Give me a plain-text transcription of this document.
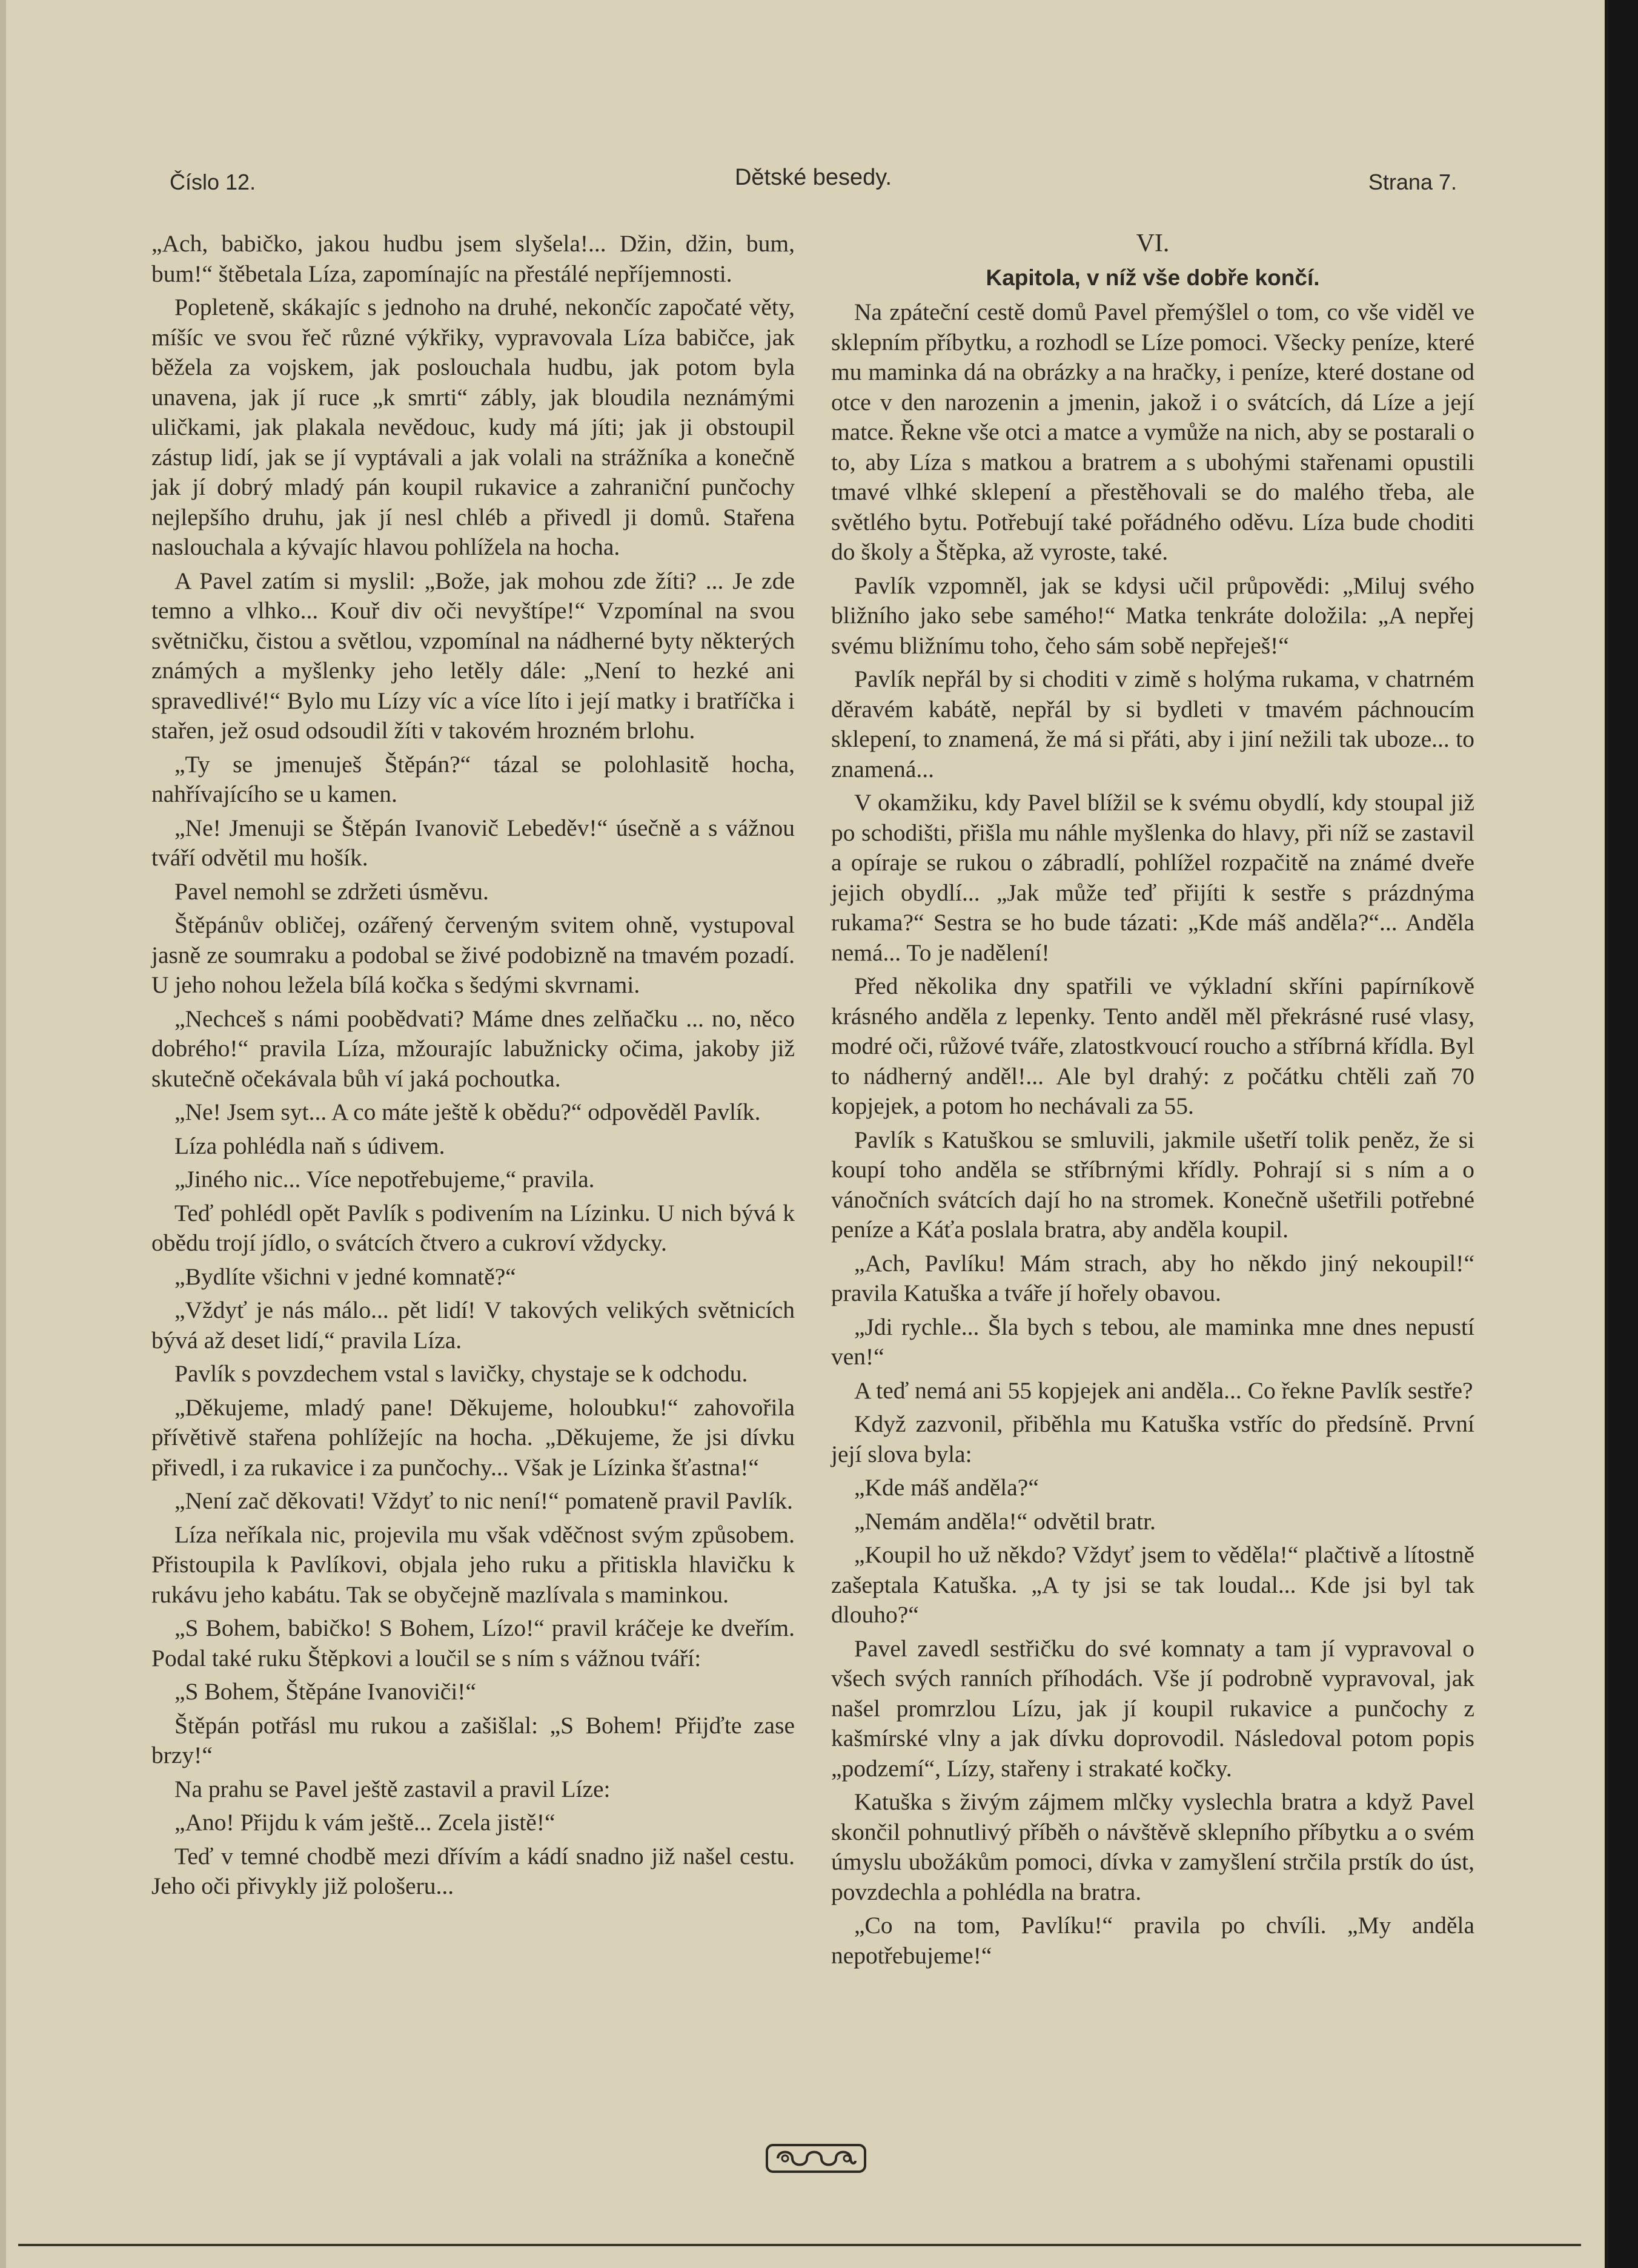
Číslo 12.	Dětské besedy.	Strana 7.

„Ach, babičko, jakou hudbu jsem slyšela!... Džin, džin, bum, bum!“ štěbetala Líza, zapomínajíc na přestálé nepříjemnosti.

Popleteně, skákajíc s jednoho na druhé, nekončíc započaté věty, míšíc ve svou řeč různé výkřiky, vypravovala Líza babičce, jak běžela za vojskem, jak poslouchala hudbu, jak potom byla unavena, jak jí ruce „k smrti“ zábly, jak bloudila neznámými uličkami, jak plakala nevědouc, kudy má jíti; jak ji obstoupil zástup lidí, jak se jí vyptávali a jak volali na strážníka a konečně jak jí dobrý mladý pán koupil rukavice a zahraniční punčochy nejlepšího druhu, jak jí nesl chléb a přivedl ji domů. Stařena naslouchala a kývajíc hlavou pohlížela na hocha.

A Pavel zatím si myslil: „Bože, jak mohou zde žíti? ... Je zde temno a vlhko... Kouř div oči nevyštípe!“ Vzpomínal na svou světničku, čistou a světlou, vzpomínal na nádherné byty některých známých a myšlenky jeho letěly dále: „Není to hezké ani spravedlivé!“ Bylo mu Lízy víc a více líto i její matky i bratříčka i stařen, jež osud odsoudil žíti v takovém hrozném brlohu.

„Ty se jmenuješ Štěpán?“ tázal se polohlasitě hocha, nahřívajícího se u kamen.

„Ne! Jmenuji se Štěpán Ivanovič Lebeděv!“ úsečně a s vážnou tváří odvětil mu hošík.

Pavel nemohl se zdržeti úsměvu.

Štěpánův obličej, ozářený červeným svitem ohně, vystupoval jasně ze soumraku a podobal se živé podobizně na tmavém pozadí. U jeho nohou ležela bílá kočka s šedými skvrnami.

„Nechceš s námi poobědvati? Máme dnes zelňačku ... no, něco dobrého!“ pravila Líza, mžourajíc labužnicky očima, jakoby již skutečně očekávala bůh ví jaká pochoutka.

„Ne! Jsem syt... A co máte ještě k obědu?“ odpověděl Pavlík.

Líza pohlédla naň s údivem.

„Jiného nic... Více nepotřebujeme,“ pravila.

Teď pohlédl opět Pavlík s podivením na Lízinku. U nich bývá k obědu trojí jídlo, o svátcích čtvero a cukroví vždycky.

„Bydlíte všichni v jedné komnatě?“

„Vždyť je nás málo... pět lidí! V takových velikých světnicích bývá až deset lidí,“ pravila Líza.

Pavlík s povzdechem vstal s lavičky, chystaje se k odchodu.

„Děkujeme, mladý pane! Děkujeme, holoubku!“ zahovořila přívětivě stařena pohlížejíc na hocha. „Děkujeme, že jsi dívku přivedl, i za rukavice i za punčochy... Však je Lízinka šťastna!“

„Není zač děkovati! Vždyť to nic není!“ pomateně pravil Pavlík.

Líza neříkala nic, projevila mu však vděčnost svým způsobem. Přistoupila k Pavlíkovi, objala jeho ruku a přitiskla hlavičku k rukávu jeho kabátu. Tak se obyčejně mazlívala s maminkou.

„S Bohem, babičko! S Bohem, Lízo!“ pravil kráčeje ke dveřím. Podal také ruku Štěpkovi a loučil se s ním s vážnou tváří:

„S Bohem, Štěpáne Ivanoviči!“

Štěpán potřásl mu rukou a zašišlal: „S Bohem! Přijďte zase brzy!“

Na prahu se Pavel ještě zastavil a pravil Líze:

„Ano! Přijdu k vám ještě... Zcela jistě!“

Teď v temné chodbě mezi dřívím a kádí snadno již našel cestu. Jeho oči přivykly již pološeru...

VI.
Kapitola, v níž vše dobře končí.

Na zpáteční cestě domů Pavel přemýšlel o tom, co vše viděl ve sklepním příbytku, a rozhodl se Líze pomoci. Všecky peníze, které mu maminka dá na obrázky a na hračky, i peníze, které dostane od otce v den narozenin a jmenin, jakož i o svátcích, dá Líze a její matce. Řekne vše otci a matce a vymůže na nich, aby se postarali o to, aby Líza s matkou a bratrem a s ubohými stařenami opustili tmavé vlhké sklepení a přestěhovali se do malého třeba, ale světlého bytu. Potřebují také pořádného oděvu. Líza bude choditi do školy a Štěpka, až vyroste, také.

Pavlík vzpomněl, jak se kdysi učil průpovědi: „Miluj svého bližního jako sebe samého!“ Matka tenkráte doložila: „A nepřej svému bližnímu toho, čeho sám sobě nepřeješ!“

Pavlík nepřál by si choditi v zimě s holýma rukama, v chatrném děravém kabátě, nepřál by si bydleti v tmavém páchnoucím sklepení, to znamená, že má si přáti, aby i jiní nežili tak uboze... to znamená...

V okamžiku, kdy Pavel blížil se k svému obydlí, kdy stoupal již po schodišti, přišla mu náhle myšlenka do hlavy, při níž se zastavil a opíraje se rukou o zábradlí, pohlížel rozpačitě na známé dveře jejich obydlí... „Jak může teď přijíti k sestře s prázdnýma rukama?“ Sestra se ho bude tázati: „Kde máš anděla?“... Anděla nemá... To je nadělení!

Před několika dny spatřili ve výkladní skříni papírníkově krásného anděla z lepenky. Tento anděl měl překrásné rusé vlasy, modré oči, růžové tváře, zlatostkvoucí roucho a stříbrná křídla. Byl to nádherný anděl!... Ale byl drahý: z počátku chtěli zaň 70 kopjejek, a potom ho nechávali za 55.

Pavlík s Katuškou se smluvili, jakmile ušetří tolik peněz, že si koupí toho anděla se stříbrnými křídly. Pohrají si s ním a o vánočních svátcích dají ho na stromek. Konečně ušetřili potřebné peníze a Káťa poslala bratra, aby anděla koupil.

„Ach, Pavlíku! Mám strach, aby ho někdo jiný nekoupil!“ pravila Katuška a tváře jí hořely obavou.

„Jdi rychle... Šla bych s tebou, ale maminka mne dnes nepustí ven!“

A teď nemá ani 55 kopjejek ani anděla... Co řekne Pavlík sestře?

Když zazvonil, přiběhla mu Katuška vstříc do předsíně. První její slova byla:

„Kde máš anděla?“

„Nemám anděla!“ odvětil bratr.

„Koupil ho už někdo? Vždyť jsem to věděla!“ plačtivě a lítostně zašeptala Katuška. „A ty jsi se tak loudal... Kde jsi byl tak dlouho?“

Pavel zavedl sestřičku do své komnaty a tam jí vypravoval o všech svých ranních příhodách. Vše jí podrobně vypravoval, jak našel promrzlou Lízu, jak jí koupil rukavice a punčochy z kašmírské vlny a jak dívku doprovodil. Následoval potom popis „podzemí“, Lízy, stařeny i strakaté kočky.

Katuška s živým zájmem mlčky vyslechla bratra a když Pavel skončil pohnutlivý příběh o návštěvě sklepního příbytku a o svém úmyslu ubožákům pomoci, dívka v zamyšlení strčila prstík do úst, povzdechla a pohlédla na bratra.

„Co na tom, Pavlíku!“ pravila po chvíli. „My anděla nepotřebujeme!“
